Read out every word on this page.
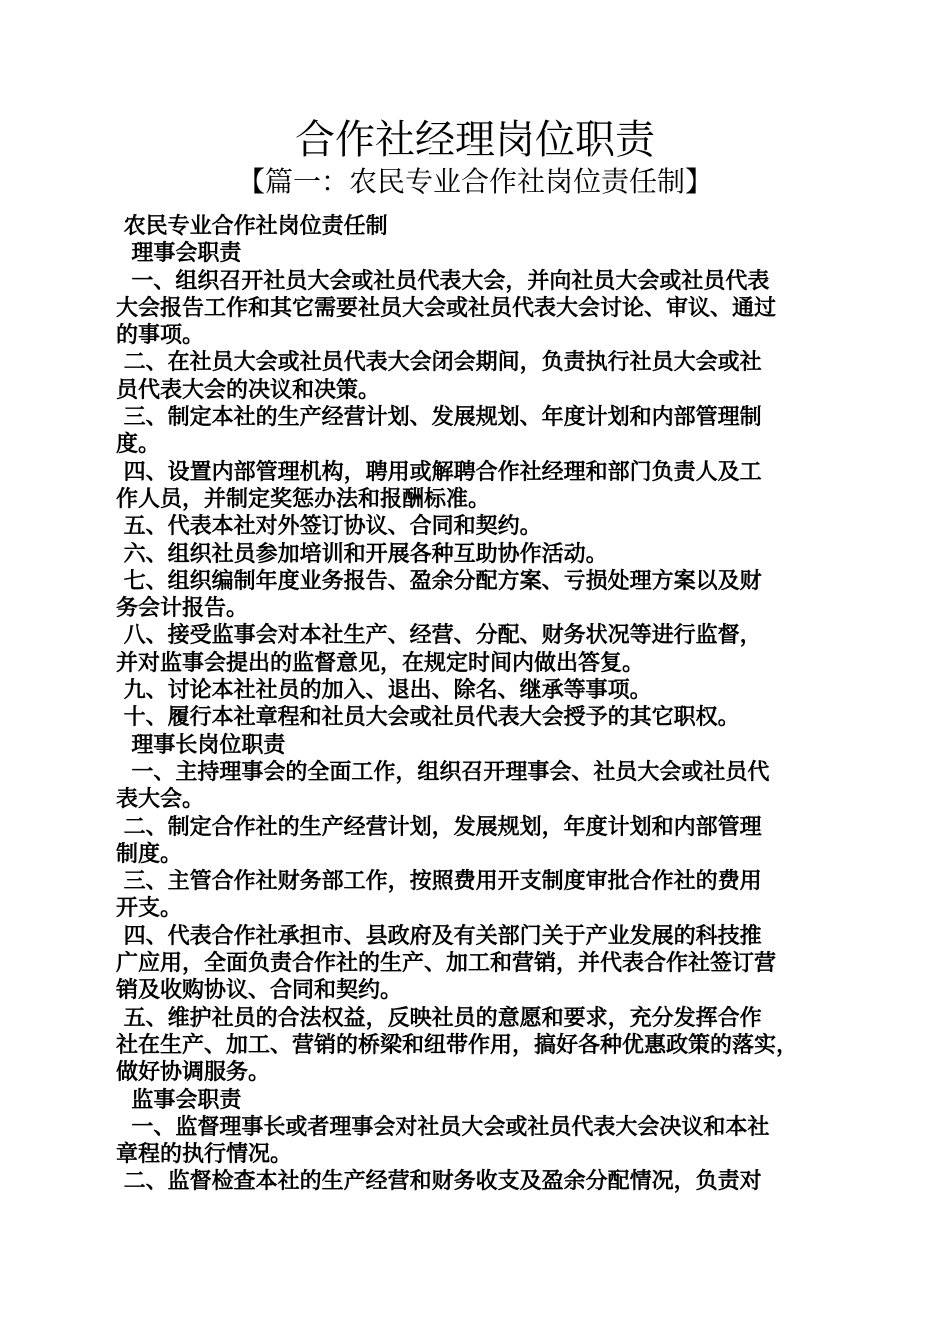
合作社经理岗位职责
【篇一：农民专业合作社岗位责任制】
农民专业合作社岗位责任制
理事会职责
一、组织召开社员大会或社员代表大会，并向社员大会或社员代表
大会报告工作和其它需要社员大会或社员代表大会讨论、审议、通过
的事项。
二、在社员大会或社员代表大会闭会期间，负责执行社员大会或社
员代表大会的决议和决策。
三、制定本社的生产经营计划、发展规划、年度计划和内部管理制
度。
四、设置内部管理机构，聘用或解聘合作社经理和部门负责人及工
作人员，并制定奖惩办法和报酬标准。
五、代表本社对外签订协议、合同和契约。
六、组织社员参加培训和开展各种互助协作活动。
七、组织编制年度业务报告、盈余分配方案、亏损处理方案以及财
务会计报告。
八、接受监事会对本社生产、经营、分配、财务状况等进行监督，
并对监事会提出的监督意见，在规定时间内做出答复。
九、讨论本社社员的加入、退出、除名、继承等事项。
十、履行本社章程和社员大会或社员代表大会授予的其它职权。
理事长岗位职责
一、主持理事会的全面工作，组织召开理事会、社员大会或社员代
表大会。
二、制定合作社的生产经营计划，发展规划，年度计划和内部管理
制度。
三、主管合作社财务部工作，按照费用开支制度审批合作社的费用
开支。
四、代表合作社承担市、县政府及有关部门关于产业发展的科技推
广应用，全面负责合作社的生产、加工和营销，并代表合作社签订营
销及收购协议、合同和契约。
五、维护社员的合法权益，反映社员的意愿和要求，充分发挥合作
社在生产、加工、营销的桥梁和纽带作用，搞好各种优惠政策的落实，
做好协调服务。
监事会职责
一、监督理事长或者理事会对社员大会或社员代表大会决议和本社
章程的执行情况。
二、监督检查本社的生产经营和财务收支及盈余分配情况，负责对
